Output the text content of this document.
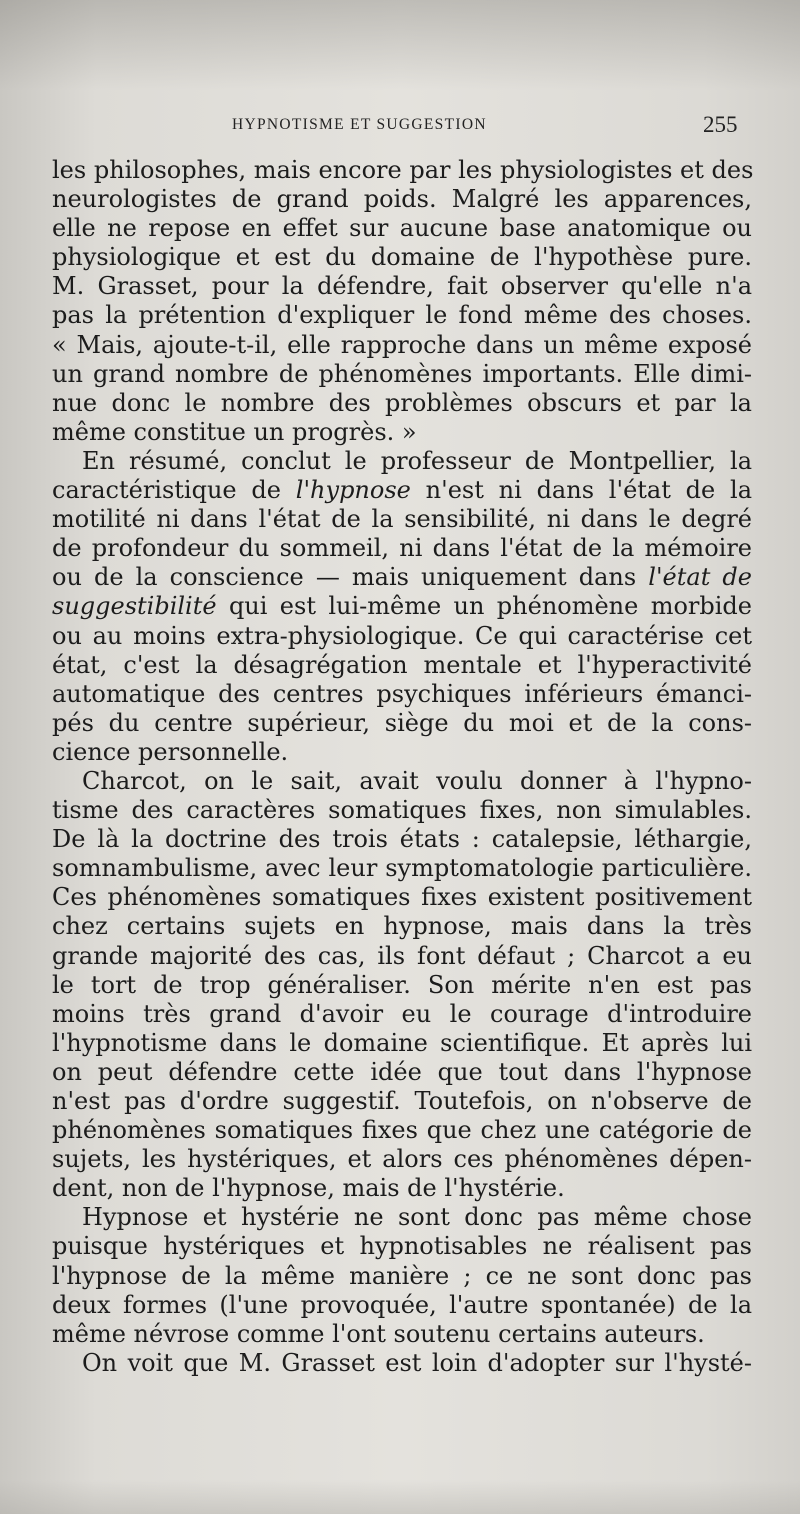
HYPNOTISME ET SUGGESTION	255
les philosophes, mais encore par les physiologistes et des
neurologistes de grand poids. Malgré les apparences,
elle ne repose en effet sur aucune base anatomique ou
physiologique et est du domaine de l'hypothèse pure.
M. Grasset, pour la défendre, fait observer qu'elle n'a
pas la prétention d'expliquer le fond même des choses.
« Mais, ajoute-t-il, elle rapproche dans un même exposé
un grand nombre de phénomènes importants. Elle dimi-
nue donc le nombre des problèmes obscurs et par la
même constitue un progrès. »
En résumé, conclut le professeur de Montpellier, la
caractéristique de l'hypnose n'est ni dans l'état de la
motilité ni dans l'état de la sensibilité, ni dans le degré
de profondeur du sommeil, ni dans l'état de la mémoire
ou de la conscience — mais uniquement dans l'état de
suggestibilité qui est lui-même un phénomène morbide
ou au moins extra-physiologique. Ce qui caractérise cet
état, c'est la désagrégation mentale et l'hyperactivité
automatique des centres psychiques inférieurs émanci-
pés du centre supérieur, siège du moi et de la cons-
cience personnelle.
Charcot, on le sait, avait voulu donner à l'hypno-
tisme des caractères somatiques fixes, non simulables.
De là la doctrine des trois états : catalepsie, léthargie,
somnambulisme, avec leur symptomatologie particulière.
Ces phénomènes somatiques fixes existent positivement
chez certains sujets en hypnose, mais dans la très
grande majorité des cas, ils font défaut ; Charcot a eu
le tort de trop généraliser. Son mérite n'en est pas
moins très grand d'avoir eu le courage d'introduire
l'hypnotisme dans le domaine scientifique. Et après lui
on peut défendre cette idée que tout dans l'hypnose
n'est pas d'ordre suggestif. Toutefois, on n'observe de
phénomènes somatiques fixes que chez une catégorie de
sujets, les hystériques, et alors ces phénomènes dépen-
dent, non de l'hypnose, mais de l'hystérie.
Hypnose et hystérie ne sont donc pas même chose
puisque hystériques et hypnotisables ne réalisent pas
l'hypnose de la même manière ; ce ne sont donc pas
deux formes (l'une provoquée, l'autre spontanée) de la
même névrose comme l'ont soutenu certains auteurs.
On voit que M. Grasset est loin d'adopter sur l'hysté-
